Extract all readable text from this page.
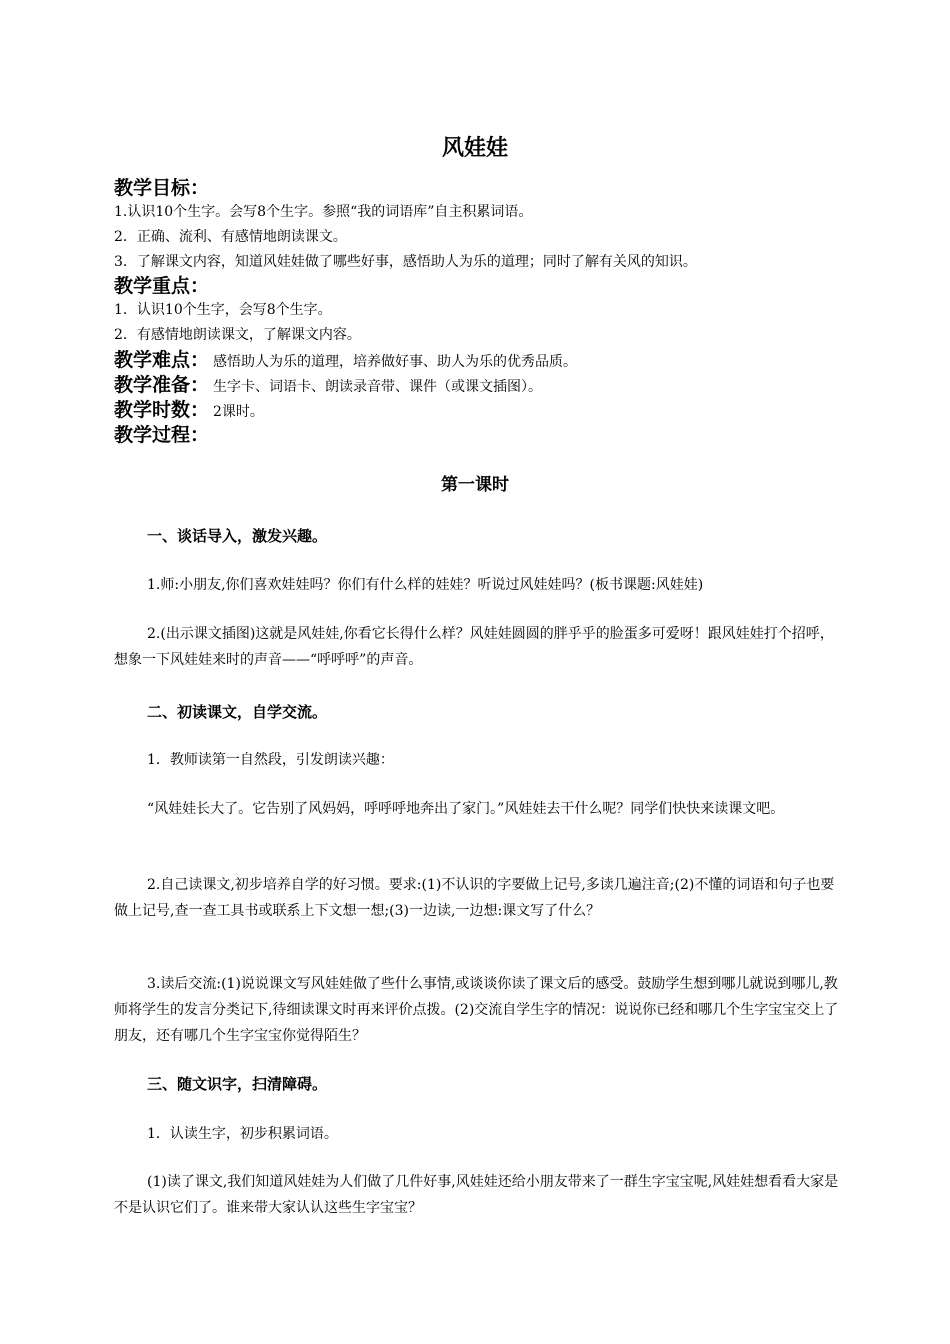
风娃娃
教学目标：
1.认识10个生字。会写8个生字。参照“我的词语库”自主积累词语。
2．正确、流利、有感情地朗读课文。
3．了解课文内容，知道风娃娃做了哪些好事，感悟助人为乐的道理；同时了解有关风的知识。
教学重点：
1．认识10个生字，会写8个生字。
2．有感情地朗读课文，了解课文内容。
教学难点： 感悟助人为乐的道理，培养做好事、助人为乐的优秀品质。
教学准备： 生字卡、词语卡、朗读录音带、课件（或课文插图）。
教学时数： 2课时。
教学过程：
第一课时
一、谈话导入，激发兴趣。
1.师:小朋友,你们喜欢娃娃吗？你们有什么样的娃娃？听说过风娃娃吗？(板书课题:风娃娃)
2.(出示课文插图)这就是风娃娃,你看它长得什么样？风娃娃圆圆的胖乎乎的脸蛋多可爱呀！跟风娃娃打个招呼，想象一下风娃娃来时的声音——“呼呼呼”的声音。
二、初读课文，自学交流。
1．教师读第一自然段，引发朗读兴趣：
“风娃娃长大了。它告别了风妈妈，呼呼呼地奔出了家门。”风娃娃去干什么呢？同学们快快来读课文吧。
2.自己读课文,初步培养自学的好习惯。要求:(1)不认识的字要做上记号,多读几遍注音;(2)不懂的词语和句子也要做上记号,查一查工具书或联系上下文想一想;(3)一边读,一边想:课文写了什么？
3.读后交流:(1)说说课文写风娃娃做了些什么事情,或谈谈你读了课文后的感受。鼓励学生想到哪儿就说到哪儿,教师将学生的发言分类记下,待细读课文时再来评价点拨。(2)交流自学生字的情况：说说你已经和哪几个生字宝宝交上了朋友，还有哪几个生字宝宝你觉得陌生？
三、随文识字，扫清障碍。
1．认读生字，初步积累词语。
(1)读了课文,我们知道风娃娃为人们做了几件好事,风娃娃还给小朋友带来了一群生字宝宝呢,风娃娃想看看大家是不是认识它们了。谁来带大家认认这些生字宝宝？
